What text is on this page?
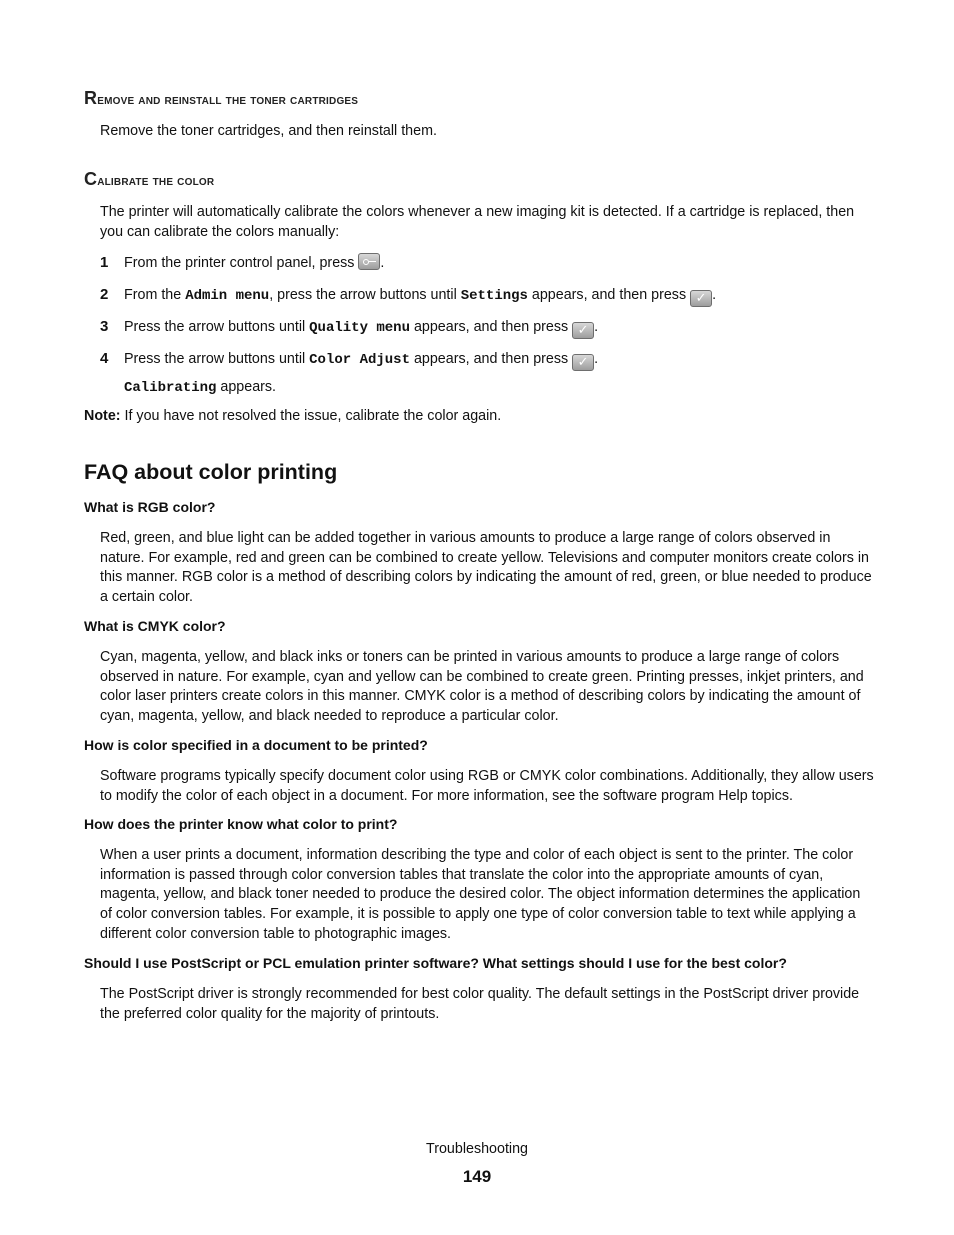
Remove and reinstall the toner cartridges

Remove the toner cartridges, and then reinstall them.

Calibrate the color

The printer will automatically calibrate the colors whenever a new imaging kit is detected. If a cartridge is replaced, then you can calibrate the colors manually:

1 From the printer control panel, press .
2 From the Admin menu, press the arrow buttons until Settings appears, and then press ✓ .
3 Press the arrow buttons until Quality menu appears, and then press ✓ .
4 Press the arrow buttons until Color Adjust appears, and then press ✓ .
Calibrating appears.

Note: If you have not resolved the issue, calibrate the color again.

FAQ about color printing

What is RGB color?

Red, green, and blue light can be added together in various amounts to produce a large range of colors observed in nature. For example, red and green can be combined to create yellow. Televisions and computer monitors create colors in this manner. RGB color is a method of describing colors by indicating the amount of red, green, or blue needed to produce a certain color.

What is CMYK color?

Cyan, magenta, yellow, and black inks or toners can be printed in various amounts to produce a large range of colors observed in nature. For example, cyan and yellow can be combined to create green. Printing presses, inkjet printers, and color laser printers create colors in this manner. CMYK color is a method of describing colors by indicating the amount of cyan, magenta, yellow, and black needed to reproduce a particular color.

How is color specified in a document to be printed?

Software programs typically specify document color using RGB or CMYK color combinations. Additionally, they allow users to modify the color of each object in a document. For more information, see the software program Help topics.

How does the printer know what color to print?

When a user prints a document, information describing the type and color of each object is sent to the printer. The color information is passed through color conversion tables that translate the color into the appropriate amounts of cyan, magenta, yellow, and black toner needed to produce the desired color. The object information determines the application of color conversion tables. For example, it is possible to apply one type of color conversion table to text while applying a different color conversion table to photographic images.

Should I use PostScript or PCL emulation printer software? What settings should I use for the best color?

The PostScript driver is strongly recommended for best color quality. The default settings in the PostScript driver provide the preferred color quality for the majority of printouts.

Troubleshooting

149
